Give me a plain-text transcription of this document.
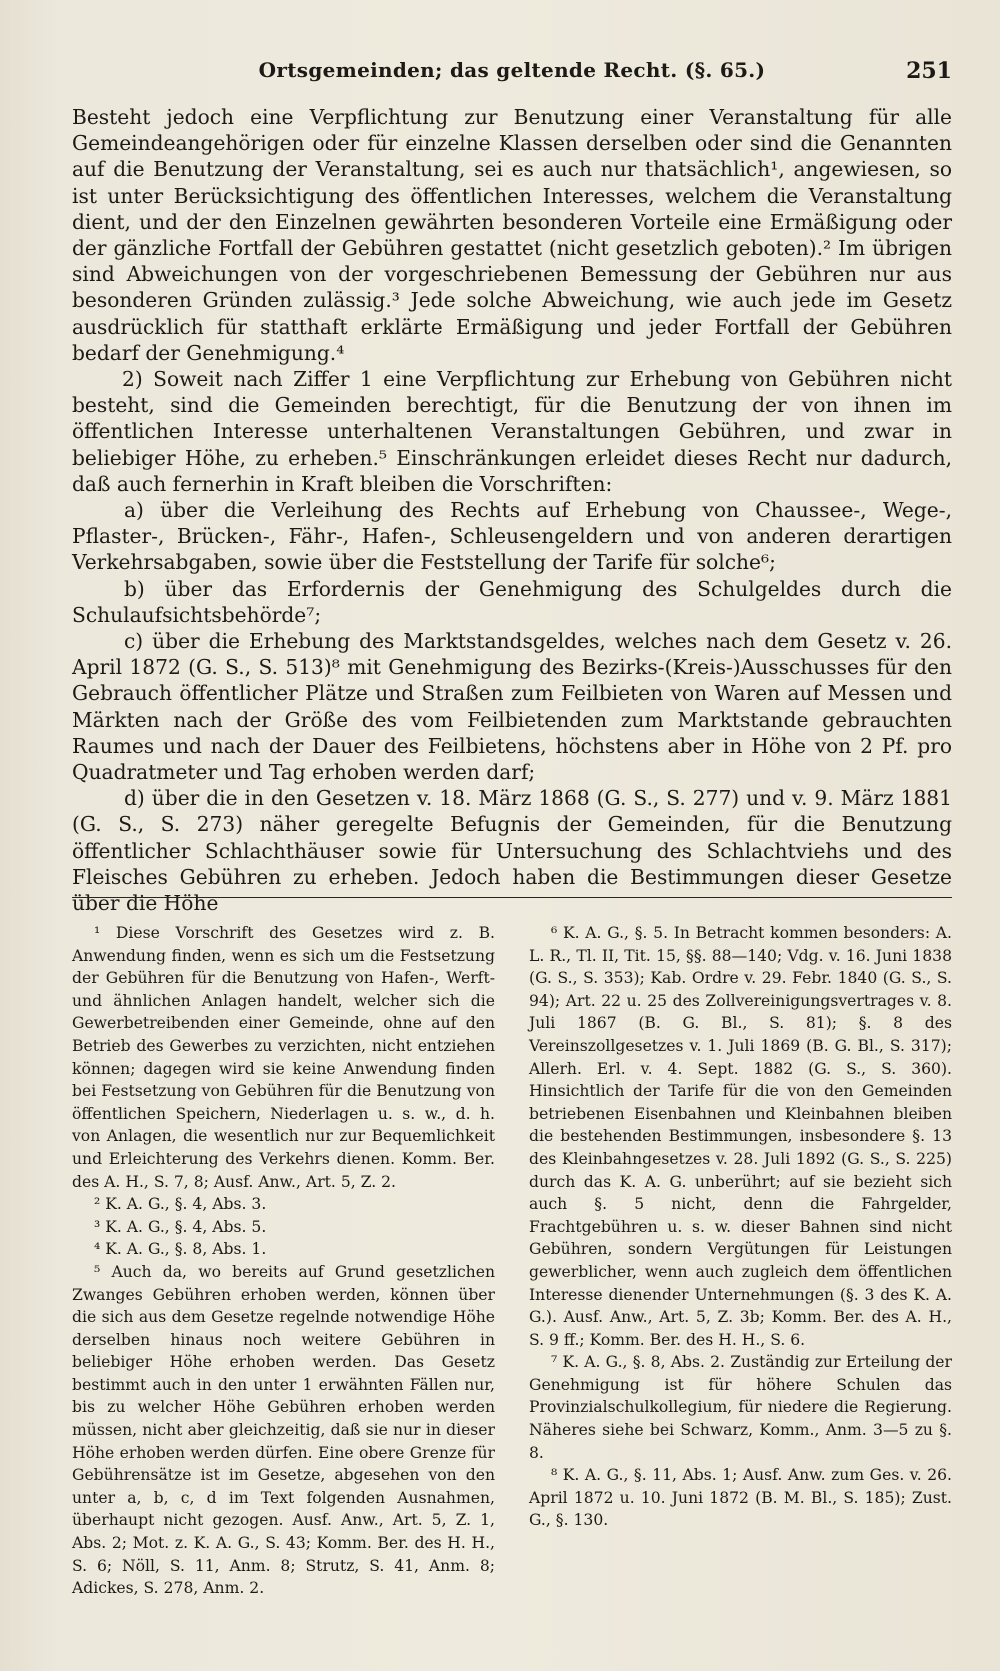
Ortsgemeinden; das geltende Recht. (§. 65.)	251

Besteht jedoch eine Verpflichtung zur Benutzung einer Veranstaltung für alle Gemeindeangehörigen oder für einzelne Klassen derselben oder sind die Genannten auf die Benutzung der Veranstaltung, sei es auch nur thatsächlich¹, angewiesen, so ist unter Berücksichtigung des öffentlichen Interesses, welchem die Veranstaltung dient, und der den Einzelnen gewährten besonderen Vorteile eine Ermäßigung oder der gänzliche Fortfall der Gebühren gestattet (nicht gesetzlich geboten).² Im übrigen sind Abweichungen von der vorgeschriebenen Bemessung der Gebühren nur aus besonderen Gründen zulässig.³ Jede solche Abweichung, wie auch jede im Gesetz ausdrücklich für statthaft erklärte Ermäßigung und jeder Fortfall der Gebühren bedarf der Genehmigung.⁴

2) Soweit nach Ziffer 1 eine Verpflichtung zur Erhebung von Gebühren nicht besteht, sind die Gemeinden berechtigt, für die Benutzung der von ihnen im öffentlichen Interesse unterhaltenen Veranstaltungen Gebühren, und zwar in beliebiger Höhe, zu erheben.⁵ Einschränkungen erleidet dieses Recht nur dadurch, daß auch fernerhin in Kraft bleiben die Vorschriften:

a) über die Verleihung des Rechts auf Erhebung von Chaussee-, Wege-, Pflaster-, Brücken-, Fähr-, Hafen-, Schleusengeldern und von anderen derartigen Verkehrsabgaben, sowie über die Feststellung der Tarife für solche⁶;

b) über das Erfordernis der Genehmigung des Schulgeldes durch die Schulaufsichtsbehörde⁷;

c) über die Erhebung des Marktstandsgeldes, welches nach dem Gesetz v. 26. April 1872 (G. S., S. 513)⁸ mit Genehmigung des Bezirks-(Kreis-)Ausschusses für den Gebrauch öffentlicher Plätze und Straßen zum Feilbieten von Waren auf Messen und Märkten nach der Größe des vom Feilbietenden zum Marktstande gebrauchten Raumes und nach der Dauer des Feilbietens, höchstens aber in Höhe von 2 Pf. pro Quadratmeter und Tag erhoben werden darf;

d) über die in den Gesetzen v. 18. März 1868 (G. S., S. 277) und v. 9. März 1881 (G. S., S. 273) näher geregelte Befugnis der Gemeinden, für die Benutzung öffentlicher Schlachthäuser sowie für Untersuchung des Schlachtviehs und des Fleisches Gebühren zu erheben. Jedoch haben die Bestimmungen dieser Gesetze über die Höhe

¹ Diese Vorschrift des Gesetzes wird z. B. Anwendung finden, wenn es sich um die Festsetzung der Gebühren für die Benutzung von Hafen-, Werft- und ähnlichen Anlagen handelt, welcher sich die Gewerbetreibenden einer Gemeinde, ohne auf den Betrieb des Gewerbes zu verzichten, nicht entziehen können; dagegen wird sie keine Anwendung finden bei Festsetzung von Gebühren für die Benutzung von öffentlichen Speichern, Niederlagen u. s. w., d. h. von Anlagen, die wesentlich nur zur Bequemlichkeit und Erleichterung des Verkehrs dienen. Komm. Ber. des A. H., S. 7, 8; Ausf. Anw., Art. 5, Z. 2.

² K. A. G., §. 4, Abs. 3.

³ K. A. G., §. 4, Abs. 5.

⁴ K. A. G., §. 8, Abs. 1.

⁵ Auch da, wo bereits auf Grund gesetzlichen Zwanges Gebühren erhoben werden, können über die sich aus dem Gesetze regelnde notwendige Höhe derselben hinaus noch weitere Gebühren in beliebiger Höhe erhoben werden. Das Gesetz bestimmt auch in den unter 1 erwähnten Fällen nur, bis zu welcher Höhe Gebühren erhoben werden müssen, nicht aber gleichzeitig, daß sie nur in dieser Höhe erhoben werden dürfen. Eine obere Grenze für Gebührensätze ist im Gesetze, abgesehen von den unter a, b, c, d im Text folgenden Ausnahmen, überhaupt nicht gezogen. Ausf. Anw., Art. 5, Z. 1, Abs. 2; Mot. z. K. A. G., S. 43; Komm. Ber. des H. H., S. 6; Nöll, S. 11, Anm. 8; Strutz, S. 41, Anm. 8; Adickes, S. 278, Anm. 2.

⁶ K. A. G., §. 5. In Betracht kommen besonders: A. L. R., Tl. II, Tit. 15, §§. 88—140; Vdg. v. 16. Juni 1838 (G. S., S. 353); Kab. Ordre v. 29. Febr. 1840 (G. S., S. 94); Art. 22 u. 25 des Zollvereinigungsvertrages v. 8. Juli 1867 (B. G. Bl., S. 81); §. 8 des Vereinszollgesetzes v. 1. Juli 1869 (B. G. Bl., S. 317); Allerh. Erl. v. 4. Sept. 1882 (G. S., S. 360). Hinsichtlich der Tarife für die von den Gemeinden betriebenen Eisenbahnen und Kleinbahnen bleiben die bestehenden Bestimmungen, insbesondere §. 13 des Kleinbahngesetzes v. 28. Juli 1892 (G. S., S. 225) durch das K. A. G. unberührt; auf sie bezieht sich auch §. 5 nicht, denn die Fahrgelder, Frachtgebühren u. s. w. dieser Bahnen sind nicht Gebühren, sondern Vergütungen für Leistungen gewerblicher, wenn auch zugleich dem öffentlichen Interesse dienender Unternehmungen (§. 3 des K. A. G.). Ausf. Anw., Art. 5, Z. 3b; Komm. Ber. des A. H., S. 9 ff.; Komm. Ber. des H. H., S. 6.

⁷ K. A. G., §. 8, Abs. 2. Zuständig zur Erteilung der Genehmigung ist für höhere Schulen das Provinzialschulkollegium, für niedere die Regierung. Näheres siehe bei Schwarz, Komm., Anm. 3—5 zu §. 8.

⁸ K. A. G., §. 11, Abs. 1; Ausf. Anw. zum Ges. v. 26. April 1872 u. 10. Juni 1872 (B. M. Bl., S. 185); Zust. G., §. 130.
